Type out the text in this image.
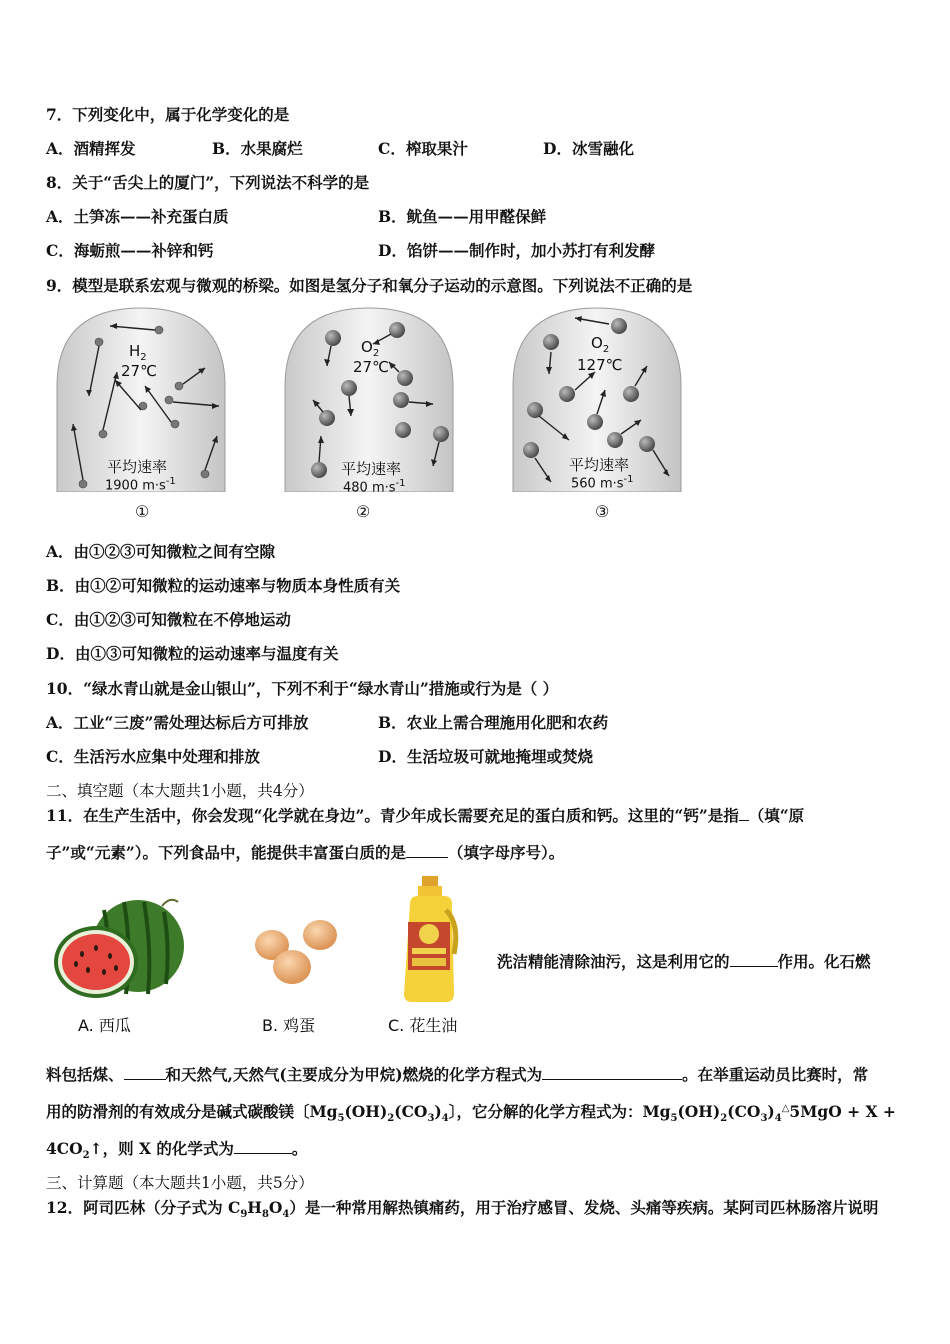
7．下列变化中，属于化学变化的是
A．酒精挥发	B．水果腐烂	C．榨取果汁	D．冰雪融化
8．关于“舌尖上的厦门”，下列说法不科学的是
A．土笋冻——补充蛋白质	B．鱿鱼——用甲醛保鲜
C．海蛎煎——补锌和钙	D．馅饼——制作时，加小苏打有利发酵
9．模型是联系宏观与微观的桥梁。如图是氢分子和氧分子运动的示意图。下列说法不正确的是
$H_2$
27℃
平均速率
1900 $m\cdot s^{-1}$
①
$O_2$
27℃
平均速率
480 $m\cdot s^{-1}$
②
$O_2$
127℃
平均速率
560 $m\cdot s^{-1}$
③
A．由①②③可知微粒之间有空隙
B．由①②可知微粒的运动速率与物质本身性质有关
C．由①②③可知微粒在不停地运动
D．由①③可知微粒的运动速率与温度有关
10．“绿水青山就是金山银山”，下列不利于“绿水青山”措施或行为是（ ）
A．工业“三废”需处理达标后方可排放	B．农业上需合理施用化肥和农药
C．生活污水应集中处理和排放	D．生活垃圾可就地掩埋或焚烧
二、填空题（本大题共1小题，共4分）
11．在生产生活中，你会发现“化学就在身边”。青少年成长需要充足的蛋白质和钙。这里的“钙”是指 （填“原
子”或“元素”）。下列食品中，能提供丰富蛋白质的是	（填字母序号）。
A. 西瓜	B. 鸡蛋	C. 花生油
洗洁精能清除油污，这是利用它的	作用。化石燃
料包括煤、	和天然气,天然气(主要成分为甲烷)燃烧的化学方程式为	。在举重运动员比赛时，常
用的防滑剂的有效成分是碱式碳酸镁〔$Mg_5(OH)_2(CO_3)_4$〕，它分解的化学方程式为：$Mg_5(OH)_2(CO_3)_4^\triangle 5MgO + X$ +
$4CO_2↑$，则 X 的化学式为	。
三、计算题（本大题共1小题，共5分）
12．阿司匹林（分子式为 $C_9H_8O_4$）是一种常用解热镇痛药，用于治疗感冒、发烧、头痛等疾病。某阿司匹林肠溶片说明
